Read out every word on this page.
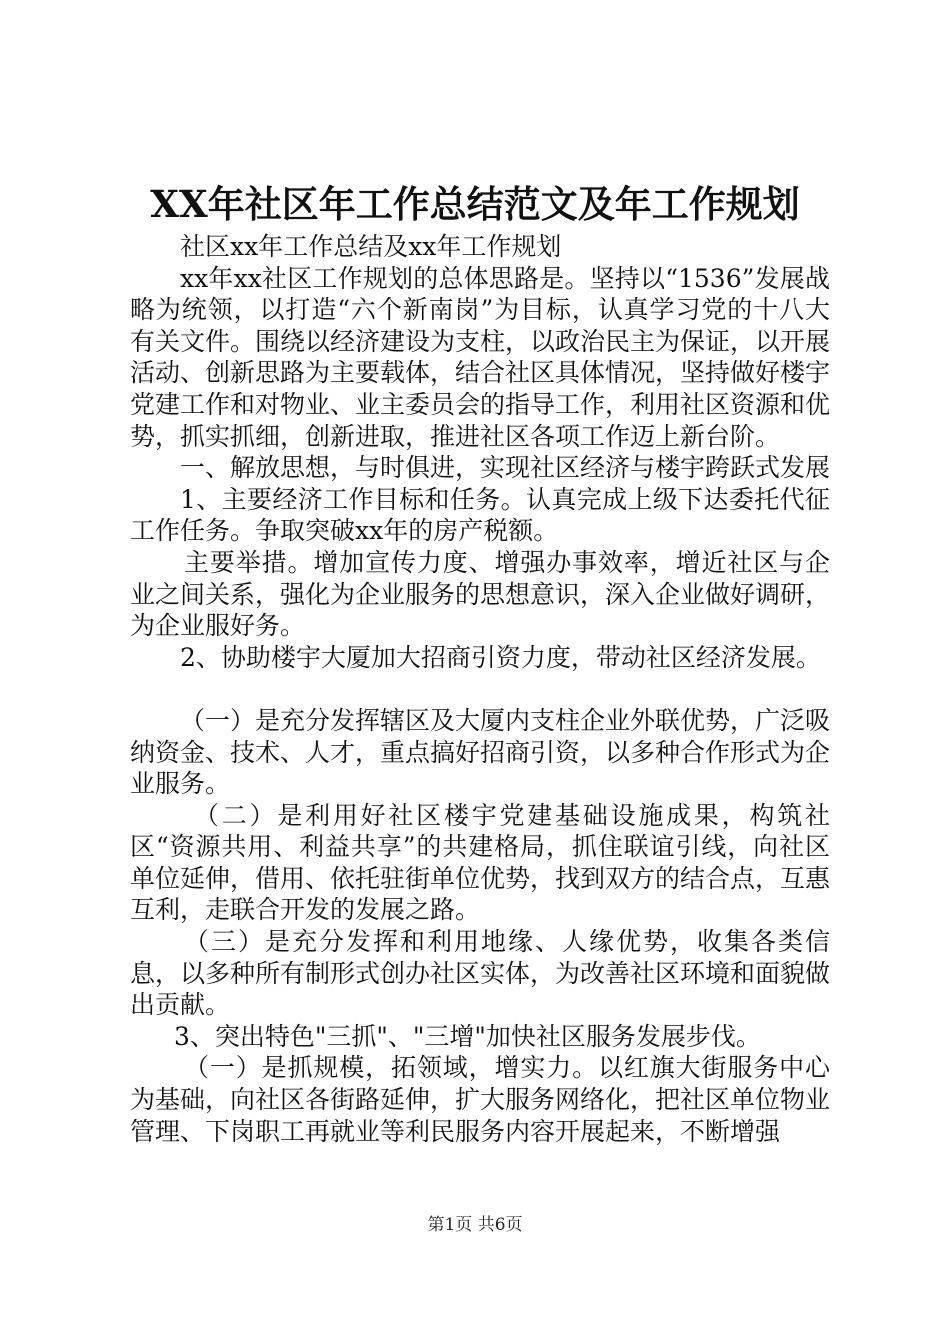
XX年社区年工作总结范文及年工作规划

社区xx年工作总结及xx年工作规划

xx年xx社区工作规划的总体思路是。坚持以“1536”发展战略为统领，以打造“六个新南岗”为目标，认真学习党的十八大有关文件。围绕以经济建设为支柱，以政治民主为保证，以开展活动、创新思路为主要载体，结合社区具体情况，坚持做好楼宇党建工作和对物业、业主委员会的指导工作，利用社区资源和优势，抓实抓细，创新进取，推进社区各项工作迈上新台阶。

一、解放思想，与时俱进，实现社区经济与楼宇跨跃式发展

1、主要经济工作目标和任务。认真完成上级下达委托代征工作任务。争取突破xx年的房产税额。

主要举措。增加宣传力度、增强办事效率，增近社区与企业之间关系，强化为企业服务的思想意识，深入企业做好调研，为企业服好务。

2、协助楼宇大厦加大招商引资力度，带动社区经济发展。

（一）是充分发挥辖区及大厦内支柱企业外联优势，广泛吸纳资金、技术、人才，重点搞好招商引资，以多种合作形式为企业服务。

（二）是利用好社区楼宇党建基础设施成果，构筑社区“资源共用、利益共享”的共建格局，抓住联谊引线，向社区单位延伸，借用、依托驻街单位优势，找到双方的结合点，互惠互利，走联合开发的发展之路。

（三）是充分发挥和利用地缘、人缘优势，收集各类信息，以多种所有制形式创办社区实体，为改善社区环境和面貌做出贡献。

3、突出特色"三抓"、"三增"加快社区服务发展步伐。

（一）是抓规模，拓领域，增实力。以红旗大街服务中心为基础，向社区各街路延伸，扩大服务网络化，把社区单位物业管理、下岗职工再就业等利民服务内容开展起来，不断增强

第1页 共6页
